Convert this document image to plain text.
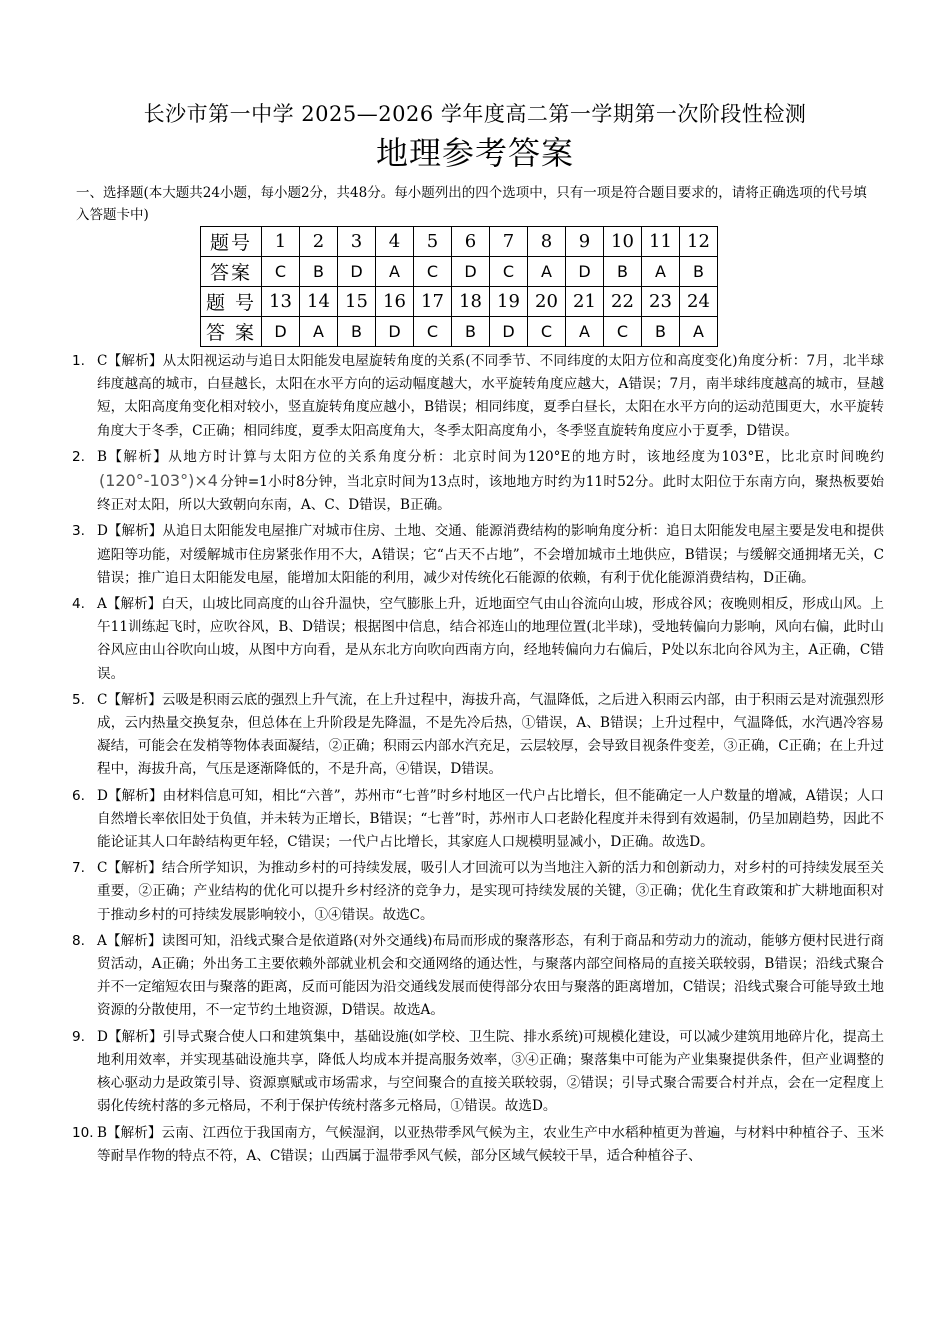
长沙市第一中学 2025—2026 学年度高二第一学期第一次阶段性检测
地理参考答案
一、选择题(本大题共24小题，每小题2分，共48分。每小题列出的四个选项中，只有一项是符合题目要求的，请将正确选项的代号填入答题卡中)
题号	1	2	3	4	5	6	7	8	9	10	11	12
答案	C	B	D	A	C	D	C	A	D	B	A	B
题 号	13	14	15	16	17	18	19	20	21	22	23	24
答 案	D	A	B	D	C	B	D	C	A	C	B	A
1. C【解析】从太阳视运动与追日太阳能发电屋旋转角度的关系(不同季节、不同纬度的太阳方位和高度变化)角度分析：7月，北半球纬度越高的城市，白昼越长，太阳在水平方向的运动幅度越大，水平旋转角度应越大，A错误；7月，南半球纬度越高的城市，昼越短，太阳高度角变化相对较小，竖直旋转角度应越小，B错误；相同纬度，夏季白昼长，太阳在水平方向的运动范围更大，水平旋转角度大于冬季，C正确；相同纬度，夏季太阳高度角大，冬季太阳高度角小，冬季竖直旋转角度应小于夏季，D错误。
2. B【解析】从地方时计算与太阳方位的关系角度分析：北京时间为120°E的地方时，该地经度为103°E，比北京时间晚约(120°-103°)×4 分钟=1小时8分钟，当北京时间为13点时，该地地方时约为11时52分。此时太阳位于东南方向，聚热板要始终正对太阳，所以大致朝向东南，A、C、D错误，B正确。
3. D【解析】从追日太阳能发电屋推广对城市住房、土地、交通、能源消费结构的影响角度分析：追日太阳能发电屋主要是发电和提供遮阳等功能，对缓解城市住房紧张作用不大，A错误；它“占天不占地”，不会增加城市土地供应，B错误；与缓解交通拥堵无关，C错误；推广追日太阳能发电屋，能增加太阳能的利用，减少对传统化石能源的依赖，有利于优化能源消费结构，D正确。
4. A【解析】白天，山坡比同高度的山谷升温快，空气膨胀上升，近地面空气由山谷流向山坡，形成谷风；夜晚则相反，形成山风。上午11训练起飞时，应吹谷风，B、D错误；根据图中信息，结合祁连山的地理位置(北半球)，受地转偏向力影响，风向右偏，此时山谷风应由山谷吹向山坡，从图中方向看，是从东北方向吹向西南方向，经地转偏向力右偏后，P处以东北向谷风为主，A正确，C错误。
5. C【解析】云吸是积雨云底的强烈上升气流，在上升过程中，海拔升高，气温降低，之后进入积雨云内部，由于积雨云是对流强烈形成，云内热量交换复杂，但总体在上升阶段是先降温，不是先冷后热，①错误，A、B错误；上升过程中，气温降低，水汽遇冷容易凝结，可能会在发梢等物体表面凝结，②正确；积雨云内部水汽充足，云层较厚，会导致目视条件变差，③正确，C正确；在上升过程中，海拔升高，气压是逐渐降低的，不是升高，④错误，D错误。
6. D【解析】由材料信息可知，相比“六普”，苏州市“七普”时乡村地区一代户占比增长，但不能确定一人户数量的增减，A错误；人口自然增长率依旧处于负值，并未转为正增长，B错误；“七普”时，苏州市人口老龄化程度并未得到有效遏制，仍呈加剧趋势，因此不能论证其人口年龄结构更年轻，C错误；一代户占比增长，其家庭人口规模明显减小，D正确。故选D。
7. C【解析】结合所学知识，为推动乡村的可持续发展，吸引人才回流可以为当地注入新的活力和创新动力，对乡村的可持续发展至关重要，②正确；产业结构的优化可以提升乡村经济的竞争力，是实现可持续发展的关键，③正确；优化生育政策和扩大耕地面积对于推动乡村的可持续发展影响较小，①④错误。故选C。
8. A【解析】读图可知，沿线式聚合是依道路(对外交通线)布局而形成的聚落形态，有利于商品和劳动力的流动，能够方便村民进行商贸活动，A正确；外出务工主要依赖外部就业机会和交通网络的通达性，与聚落内部空间格局的直接关联较弱，B错误；沿线式聚合并不一定缩短农田与聚落的距离，反而可能因为沿交通线发展而使得部分农田与聚落的距离增加，C错误；沿线式聚合可能导致土地资源的分散使用，不一定节约土地资源，D错误。故选A。
9. D【解析】引导式聚合使人口和建筑集中，基础设施(如学校、卫生院、排水系统)可规模化建设，可以减少建筑用地碎片化，提高土地利用效率，并实现基础设施共享，降低人均成本并提高服务效率，③④正确；聚落集中可能为产业集聚提供条件，但产业调整的核心驱动力是政策引导、资源禀赋或市场需求，与空间聚合的直接关联较弱，②错误；引导式聚合需要合村并点，会在一定程度上弱化传统村落的多元格局，不利于保护传统村落多元格局，①错误。故选D。
10. B【解析】云南、江西位于我国南方，气候湿润，以亚热带季风气候为主，农业生产中水稻种植更为普遍，与材料中种植谷子、玉米等耐旱作物的特点不符，A、C错误；山西属于温带季风气候，部分区域气候较干旱，适合种植谷子、
